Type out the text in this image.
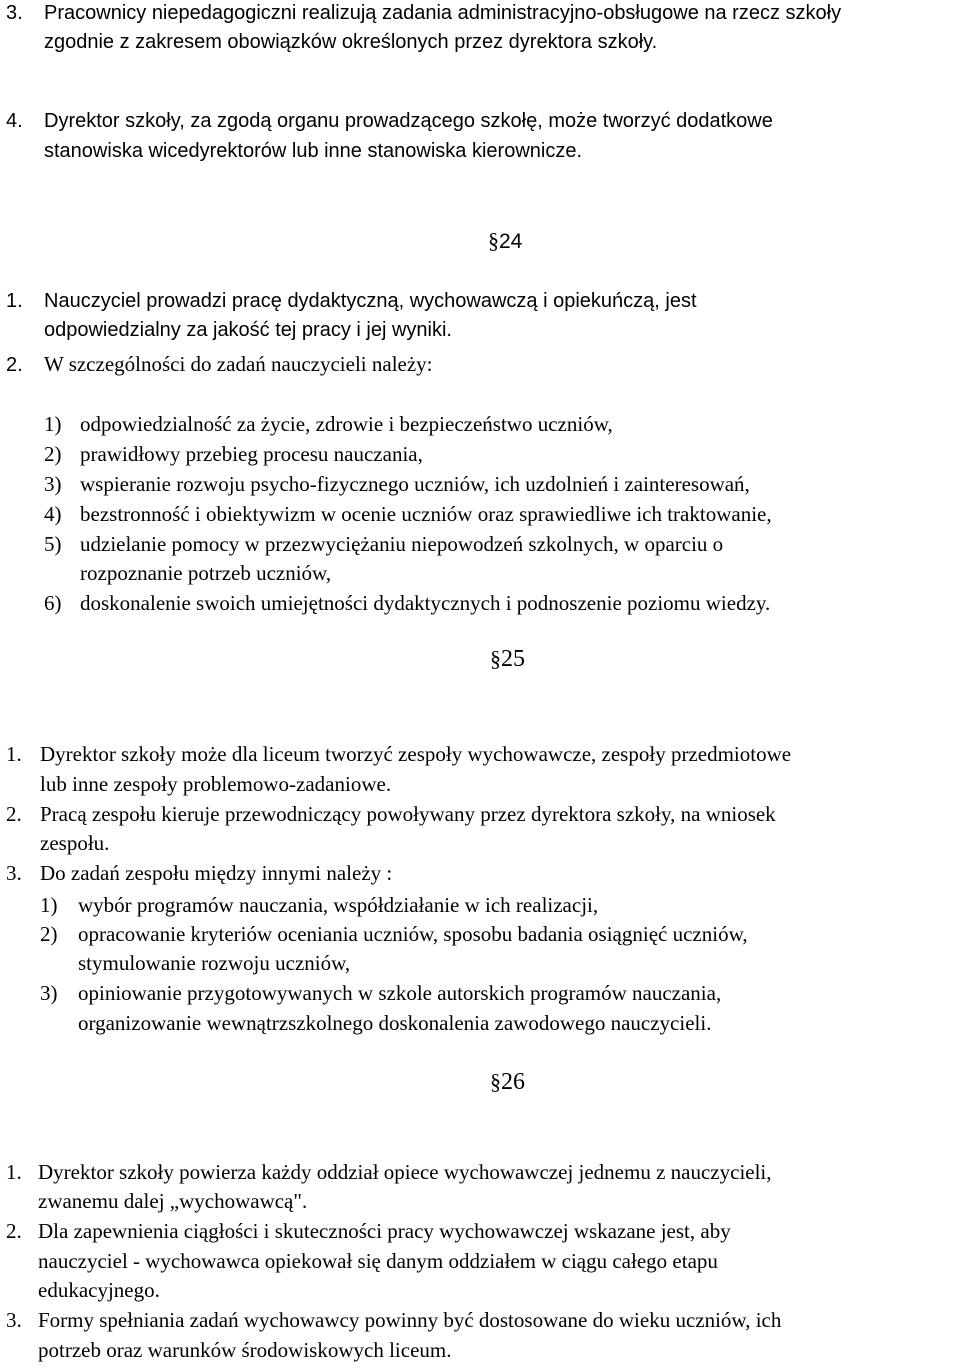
3. Pracownicy niepedagogiczni realizują zadania administracyjno-obsługowe na rzecz szkoły
zgodnie z zakresem obowiązków określonych przez dyrektora szkoły.
4. Dyrektor szkoły, za zgodą organu prowadzącego szkołę, może tworzyć dodatkowe
stanowiska wicedyrektorów lub inne stanowiska kierownicze.
§24
1. Nauczyciel prowadzi pracę dydaktyczną, wychowawczą i opiekuńczą, jest
odpowiedzialny za jakość tej pracy i jej wyniki.
2. W szczególności do zadań nauczycieli należy:
1) odpowiedzialność za życie, zdrowie i bezpieczeństwo uczniów,
2) prawidłowy przebieg procesu nauczania,
3) wspieranie rozwoju psycho-fizycznego uczniów, ich uzdolnień i zainteresowań,
4) bezstronność i obiektywizm w ocenie uczniów oraz sprawiedliwe ich traktowanie,
5) udzielanie pomocy w przezwyciężaniu niepowodzeń szkolnych, w oparciu o
rozpoznanie potrzeb uczniów,
6) doskonalenie swoich umiejętności dydaktycznych i podnoszenie poziomu wiedzy.
§25
1. Dyrektor szkoły może dla liceum tworzyć zespoły wychowawcze, zespoły przedmiotowe
lub inne zespoły problemowo-zadaniowe.
2. Pracą zespołu kieruje przewodniczący powoływany przez dyrektora szkoły, na wniosek
zespołu.
3. Do zadań zespołu między innymi należy :
1) wybór programów nauczania, współdziałanie w ich realizacji,
2) opracowanie kryteriów oceniania uczniów, sposobu badania osiągnięć uczniów,
stymulowanie rozwoju uczniów,
3) opiniowanie przygotowywanych w szkole autorskich programów nauczania,
organizowanie wewnątrzszkolnego doskonalenia zawodowego nauczycieli.
§26
1. Dyrektor szkoły powierza każdy oddział opiece wychowawczej jednemu z nauczycieli,
zwanemu dalej „wychowawcą".
2. Dla zapewnienia ciągłości i skuteczności pracy wychowawczej wskazane jest, aby
nauczyciel - wychowawca opiekował się danym oddziałem w ciągu całego etapu
edukacyjnego.
3. Formy spełniania zadań wychowawcy powinny być dostosowane do wieku uczniów, ich
potrzeb oraz warunków środowiskowych liceum.
